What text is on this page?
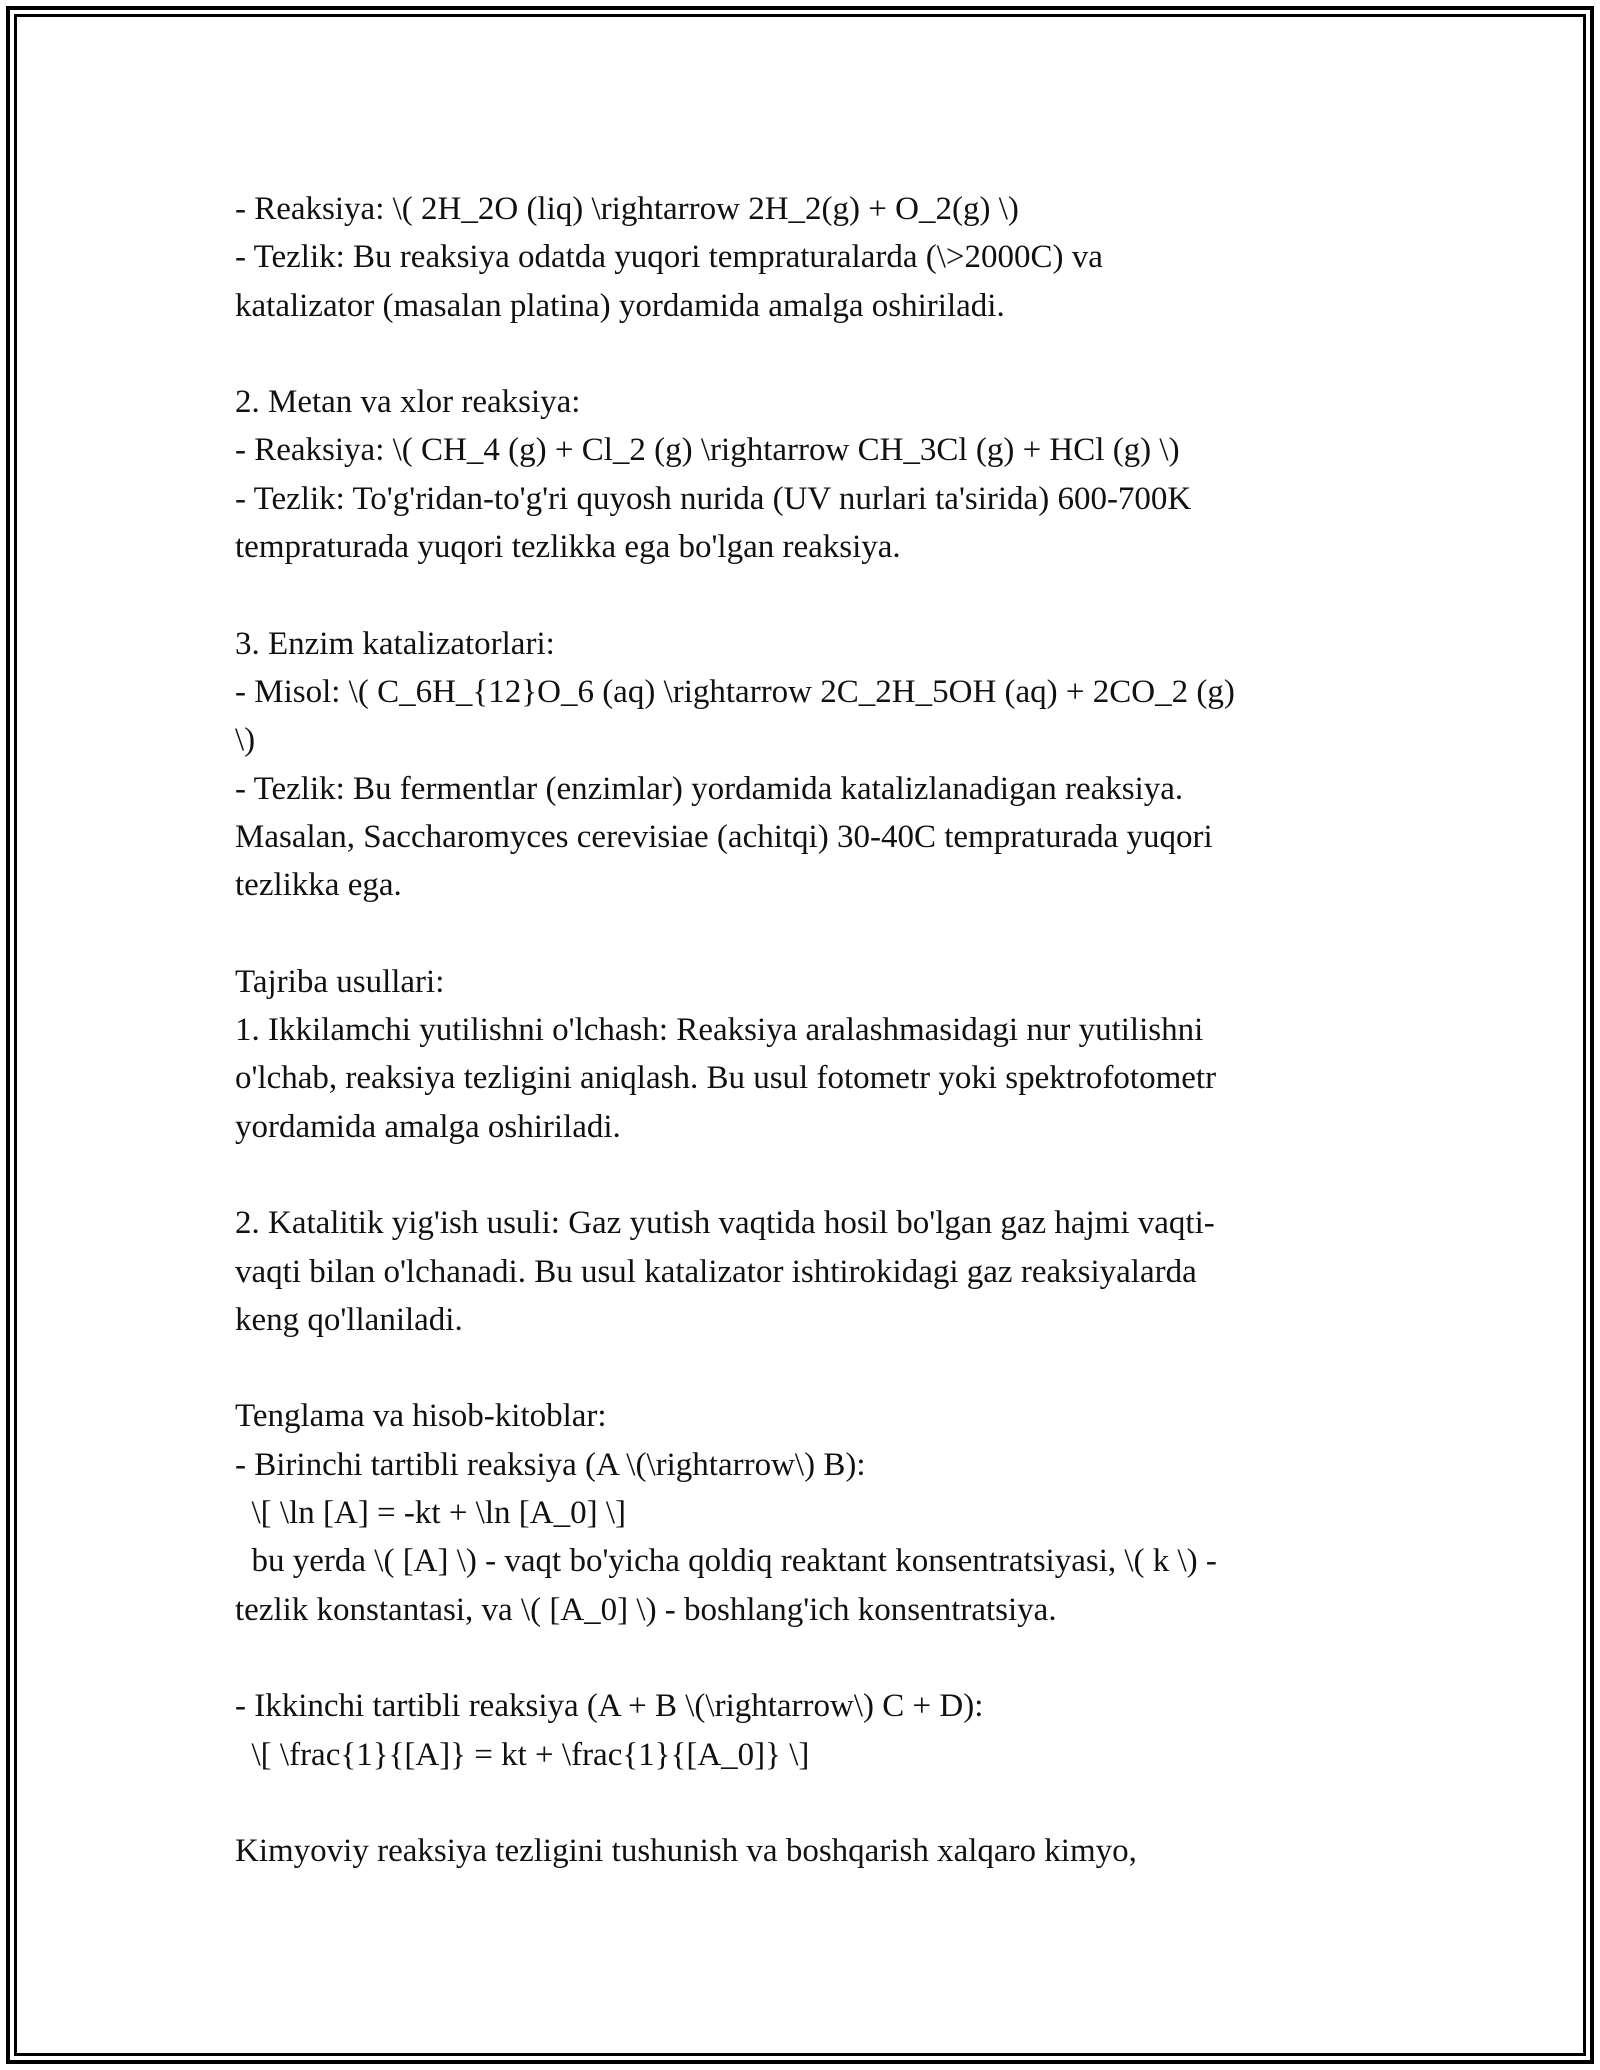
- Reaksiya: \( 2H_2O (liq) \rightarrow 2H_2(g) + O_2(g) \)
- Tezlik: Bu reaksiya odatda yuqori tempraturalarda (\>2000C) va
katalizator (masalan platina) yordamida amalga oshiriladi.
2. Metan va xlor reaksiya:
- Reaksiya: \( CH_4 (g) + Cl_2 (g) \rightarrow CH_3Cl (g) + HCl (g) \)
- Tezlik: To'g'ridan-to'g'ri quyosh nurida (UV nurlari ta'sirida) 600-700K
tempraturada yuqori tezlikka ega bo'lgan reaksiya.
3. Enzim katalizatorlari:
- Misol: \( C_6H_{12}O_6 (aq) \rightarrow 2C_2H_5OH (aq) + 2CO_2 (g)
\)
- Tezlik: Bu fermentlar (enzimlar) yordamida katalizlanadigan reaksiya.
Masalan, Saccharomyces cerevisiae (achitqi) 30-40C tempraturada yuqori
tezlikka ega.
Tajriba usullari:
1. Ikkilamchi yutilishni o'lchash: Reaksiya aralashmasidagi nur yutilishni
o'lchab, reaksiya tezligini aniqlash. Bu usul fotometr yoki spektrofotometr
yordamida amalga oshiriladi.
2. Katalitik yig'ish usuli: Gaz yutish vaqtida hosil bo'lgan gaz hajmi vaqti-
vaqti bilan o'lchanadi. Bu usul katalizator ishtirokidagi gaz reaksiyalarda
keng qo'llaniladi.
Tenglama va hisob-kitoblar:
- Birinchi tartibli reaksiya (A \(\rightarrow\) B):
\[ \ln [A] = -kt + \ln [A_0] \]
bu yerda \( [A] \) - vaqt bo'yicha qoldiq reaktant konsentratsiyasi, \( k \) -
tezlik konstantasi, va \( [A_0] \) - boshlang'ich konsentratsiya.
- Ikkinchi tartibli reaksiya (A + B \(\rightarrow\) C + D):
\[ \frac{1}{[A]} = kt + \frac{1}{[A_0]} \]
Kimyoviy reaksiya tezligini tushunish va boshqarish xalqaro kimyo,
